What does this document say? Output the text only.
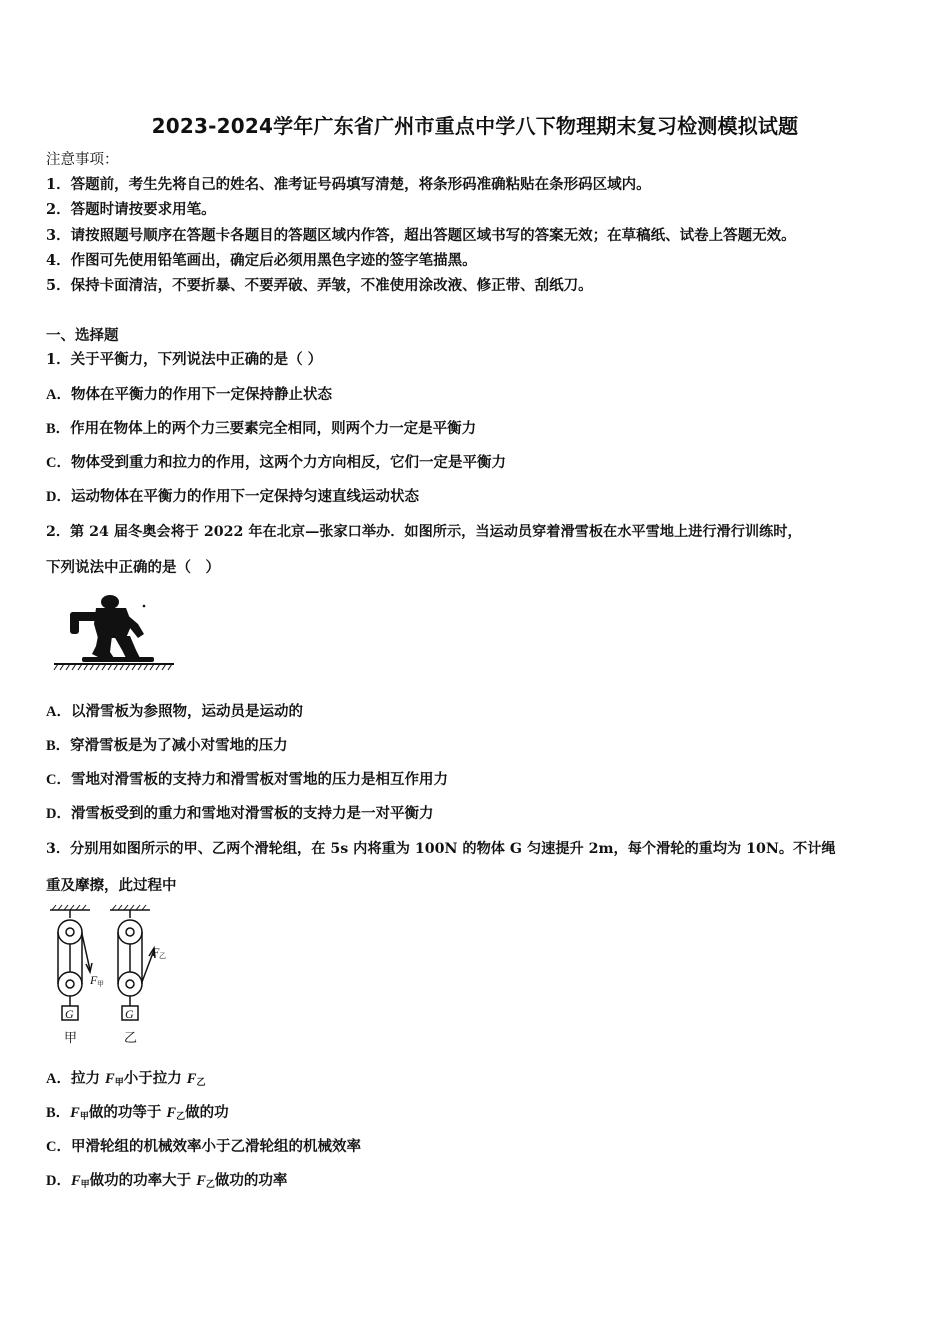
2023-2024学年广东省广州市重点中学八下物理期末复习检测模拟试题
注意事项：
1．答题前，考生先将自己的姓名、准考证号码填写清楚，将条形码准确粘贴在条形码区域内。
2．答题时请按要求用笔。
3．请按照题号顺序在答题卡各题目的答题区域内作答，超出答题区域书写的答案无效；在草稿纸、试卷上答题无效。
4．作图可先使用铅笔画出，确定后必须用黑色字迹的签字笔描黑。
5．保持卡面清洁，不要折暴、不要弄破、弄皱，不准使用涂改液、修正带、刮纸刀。
一、选择题
1．关于平衡力，下列说法中正确的是（ ）
A．物体在平衡力的作用下一定保持静止状态
B．作用在物体上的两个力三要素完全相同，则两个力一定是平衡力
C．物体受到重力和拉力的作用，这两个力方向相反，它们一定是平衡力
D．运动物体在平衡力的作用下一定保持匀速直线运动状态
2．第 24 届冬奥会将于 2022 年在北京—张家口举办．如图所示，当运动员穿着滑雪板在水平雪地上进行滑行训练时，
下列说法中正确的是（　）
A．以滑雪板为参照物，运动员是运动的
B．穿滑雪板是为了减小对雪地的压力
C．雪地对滑雪板的支持力和滑雪板对雪地的压力是相互作用力
D．滑雪板受到的重力和雪地对滑雪板的支持力是一对平衡力
3．分别用如图所示的甲、乙两个滑轮组，在 5s 内将重为 100N 的物体 G 匀速提升 2m，每个滑轮的重均为 10N。不计绳
重及摩擦，此过程中
G	G
F 甲
F 乙
甲	乙
A．拉力 $F_甲$小于拉力 $F_乙$
B．$F_甲$做的功等于 $F_乙$做的功
C．甲滑轮组的机械效率小于乙滑轮组的机械效率
D．$F_甲$做功的功率大于 $F_乙$做功的功率
